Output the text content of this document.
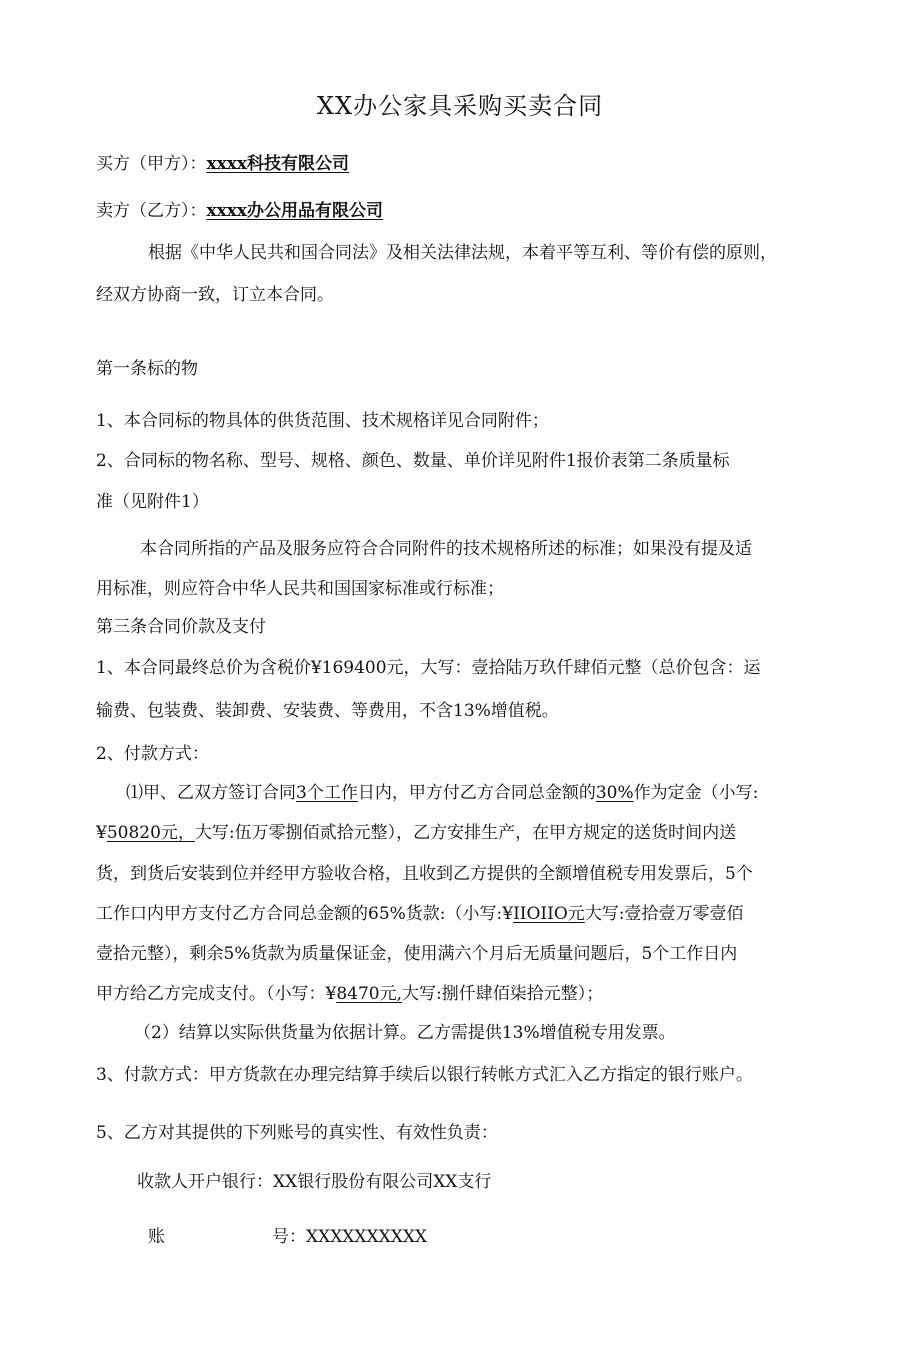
XX办公家具采购买卖合同
买方（甲方）：xxxx科技有限公司
卖方（乙方）：xxxx办公用品有限公司
根据《中华人民共和国合同法》及相关法律法规，本着平等互利、等价有偿的原则，
经双方协商一致，订立本合同。
第一条标的物
1、本合同标的物具体的供货范围、技术规格详见合同附件；
2、合同标的物名称、型号、规格、颜色、数量、单价详见附件1报价表第二条质量标
准（见附件1）
本合同所指的产品及服务应符合合同附件的技术规格所述的标准；如果没有提及适
用标准，则应符合中华人民共和国国家标准或行标准；
第三条合同价款及支付
1、本合同最终总价为含税价¥169400元，大写：壹拾陆万玖仟肆佰元整（总价包含：运
输费、包装费、装卸费、安装费、等费用，不含13%增值税。
2、付款方式：
⑴甲、乙双方签订合同3个工作日内，甲方付乙方合同总金额的30%作为定金（小写:
¥50820元，大写:伍万零捌佰贰拾元整），乙方安排生产，在甲方规定的送货时间内送
货，到货后安装到位并经甲方验收合格，且收到乙方提供的全额增值税专用发票后，5个
工作口内甲方支付乙方合同总金额的65%货款:（小写:¥IIOIIO元大写:壹拾壹万零壹佰
壹拾元整），剩余5%货款为质量保证金，使用满六个月后无质量问题后，5个工作日内
甲方给乙方完成支付。（小写：¥8470元,大写:捌仟肆佰柒拾元整）；
（2）结算以实际供货量为依据计算。乙方需提供13%增值税专用发票。
3、付款方式：甲方货款在办理完结算手续后以银行转帐方式汇入乙方指定的银行账户。
5、乙方对其提供的下列账号的真实性、有效性负责：
收款人开户银行：XX银行股份有限公司XX支行
账	号：XXXXXXXXXX
